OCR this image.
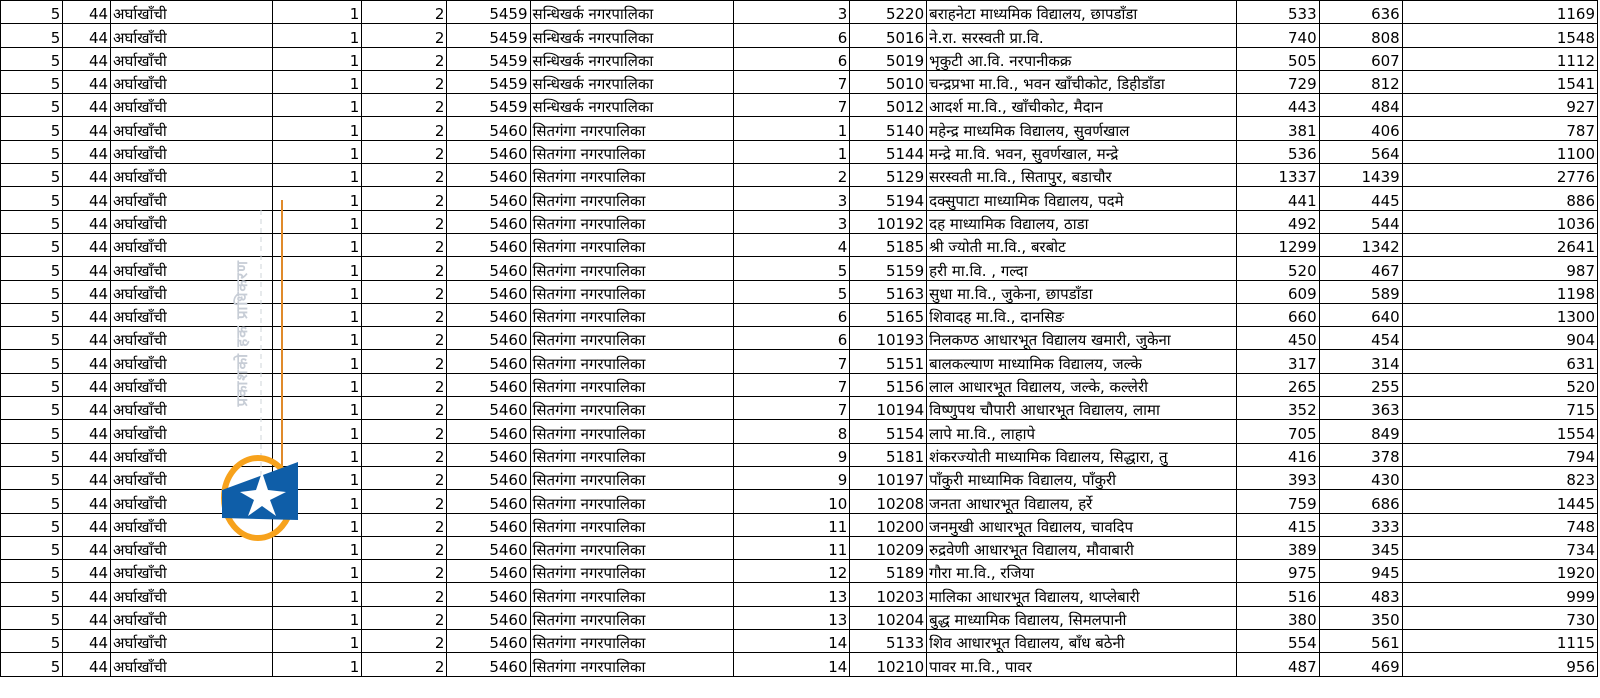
5	44	अर्घाखाँची	1	2	5459	सन्धिखर्क नगरपालिका	3	5220	बराहनेटा माध्यमिक विद्यालय, छापडाँडा	533	636	1169
5	44	अर्घाखाँची	1	2	5459	सन्धिखर्क नगरपालिका	6	5016	ने.रा. सरस्वती प्रा.वि.	740	808	1548
5	44	अर्घाखाँची	1	2	5459	सन्धिखर्क नगरपालिका	6	5019	भृकुटी आ.वि. नरपानीकक्र	505	607	1112
5	44	अर्घाखाँची	1	2	5459	सन्धिखर्क नगरपालिका	7	5010	चन्द्रप्रभा मा.वि., भवन खाँचीकोट, डिहीडाँडा	729	812	1541
5	44	अर्घाखाँची	1	2	5459	सन्धिखर्क नगरपालिका	7	5012	आदर्श मा.वि., खाँचीकोट, मैदान	443	484	927
5	44	अर्घाखाँची	1	2	5460	सितगंगा नगरपालिका	1	5140	महेन्द्र माध्यमिक विद्यालय, सुवर्णखाल	381	406	787
5	44	अर्घाखाँची	1	2	5460	सितगंगा नगरपालिका	1	5144	मन्द्रे मा.वि. भवन, सुवर्णखाल, मन्द्रे	536	564	1100
5	44	अर्घाखाँची	1	2	5460	सितगंगा नगरपालिका	2	5129	सरस्वती मा.वि., सितापुर, बडाचौर	1337	1439	2776
5	44	अर्घाखाँची	1	2	5460	सितगंगा नगरपालिका	3	5194	दक्सुपाटा माध्यामिक विद्यालय, पदमे	441	445	886
5	44	अर्घाखाँची	1	2	5460	सितगंगा नगरपालिका	3	10192	दह माध्यामिक विद्यालय, ठाडा	492	544	1036
5	44	अर्घाखाँची	1	2	5460	सितगंगा नगरपालिका	4	5185	श्री ज्योती मा.वि., बरबोट	1299	1342	2641
5	44	अर्घाखाँची	1	2	5460	सितगंगा नगरपालिका	5	5159	हरी मा.वि. , गल्दा	520	467	987
5	44	अर्घाखाँची	1	2	5460	सितगंगा नगरपालिका	5	5163	सुधा मा.वि., जुकेना, छापडाँडा	609	589	1198
5	44	अर्घाखाँची	1	2	5460	सितगंगा नगरपालिका	6	5165	शिवादह मा.वि., दानसिङ	660	640	1300
5	44	अर्घाखाँची	1	2	5460	सितगंगा नगरपालिका	6	10193	निलकण्ठ आधारभूत विद्यालय खमारी, जुकेना	450	454	904
5	44	अर्घाखाँची	1	2	5460	सितगंगा नगरपालिका	7	5151	बालकल्याण माध्यामिक विद्यालय, जल्के	317	314	631
5	44	अर्घाखाँची	1	2	5460	सितगंगा नगरपालिका	7	5156	लाल आधारभूत विद्यालय, जल्के, कल्लेरी	265	255	520
5	44	अर्घाखाँची	1	2	5460	सितगंगा नगरपालिका	7	10194	विष्णुपथ चौपारी आधारभूत विद्यालय, लामा	352	363	715
5	44	अर्घाखाँची	1	2	5460	सितगंगा नगरपालिका	8	5154	लापे मा.वि., लाहापे	705	849	1554
5	44	अर्घाखाँची	1	2	5460	सितगंगा नगरपालिका	9	5181	शंकरज्योती माध्यामिक विद्यालय, सिद्धारा, तु	416	378	794
5	44	अर्घाखाँची	1	2	5460	सितगंगा नगरपालिका	9	10197	पाँकुरी माध्यामिक विद्यालय, पाँकुरी	393	430	823
5	44	अर्घाखाँची	1	2	5460	सितगंगा नगरपालिका	10	10208	जनता आधारभूत विद्यालय, हर्रे	759	686	1445
5	44	अर्घाखाँची	1	2	5460	सितगंगा नगरपालिका	11	10200	जनमुखी आधारभूत विद्यालय, चावदिप	415	333	748
5	44	अर्घाखाँची	1	2	5460	सितगंगा नगरपालिका	11	10209	रुद्रवेणी आधारभूत विद्यालय, मौवाबारी	389	345	734
5	44	अर्घाखाँची	1	2	5460	सितगंगा नगरपालिका	12	5189	गौरा मा.वि., रजिया	975	945	1920
5	44	अर्घाखाँची	1	2	5460	सितगंगा नगरपालिका	13	10203	मालिका आधारभूत विद्यालय, थाप्लेबारी	516	483	999
5	44	अर्घाखाँची	1	2	5460	सितगंगा नगरपालिका	13	10204	बुद्ध माध्यामिक विद्यालय, सिमलपानी	380	350	730
5	44	अर्घाखाँची	1	2	5460	सितगंगा नगरपालिका	14	5133	शिव आधारभूत विद्यालय, बाँध बठेनी	554	561	1115
5	44	अर्घाखाँची	1	2	5460	सितगंगा नगरपालिका	14	10210	पावर मा.वि., पावर	487	469	956
प्रकाशको हक प्राधिकरण
